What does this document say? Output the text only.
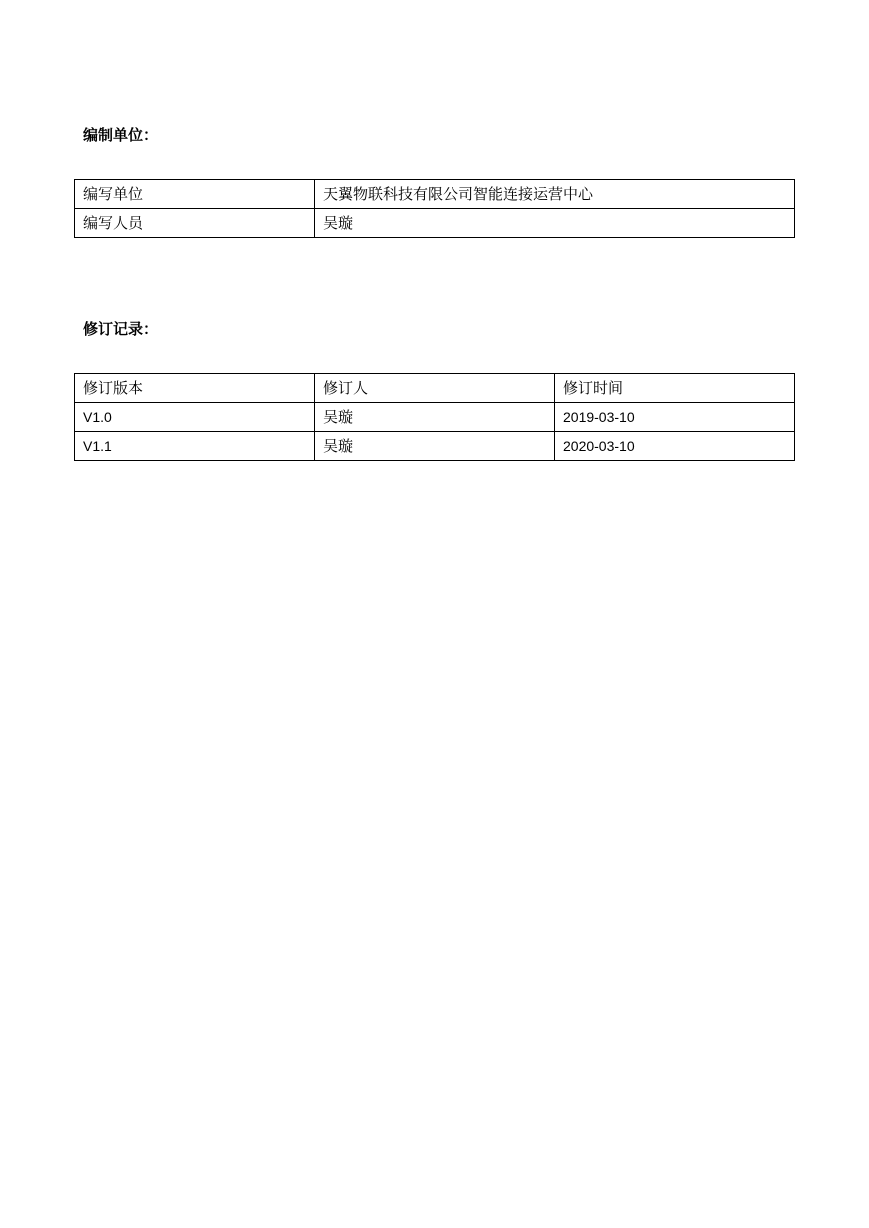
编制单位：
编写单位	天翼物联科技有限公司智能连接运营中心
编写人员	吴璇
修订记录：
修订版本	修订人	修订时间
V1.0	吴璇	2019-03-10
V1.1	吴璇	2020-03-10
